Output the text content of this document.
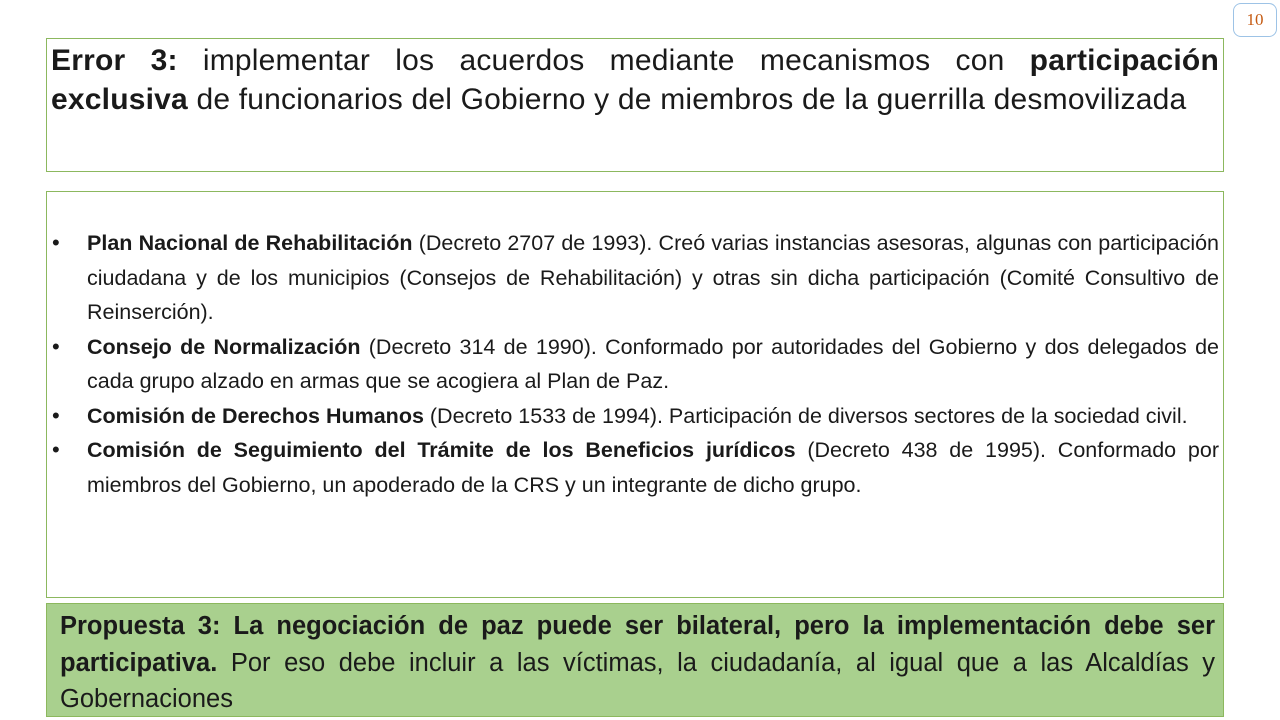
10

Error 3: implementar los acuerdos mediante mecanismos con participación exclusiva de funcionarios del Gobierno y de miembros de la guerrilla desmovilizada

• Plan Nacional de Rehabilitación (Decreto 2707 de 1993). Creó varias instancias asesoras, algunas con participación ciudadana y de los municipios (Consejos de Rehabilitación) y otras sin dicha participación (Comité Consultivo de Reinserción).
• Consejo de Normalización (Decreto 314 de 1990). Conformado por autoridades del Gobierno y dos delegados de cada grupo alzado en armas que se acogiera al Plan de Paz.
• Comisión de Derechos Humanos (Decreto 1533 de 1994). Participación de diversos sectores de la sociedad civil.
• Comisión de Seguimiento del Trámite de los Beneficios jurídicos (Decreto 438 de 1995). Conformado por miembros del Gobierno, un apoderado de la CRS y un integrante de dicho grupo.

Propuesta 3: La negociación de paz puede ser bilateral, pero la implementación debe ser participativa. Por eso debe incluir a las víctimas, la ciudadanía, al igual que a las Alcaldías y Gobernaciones
